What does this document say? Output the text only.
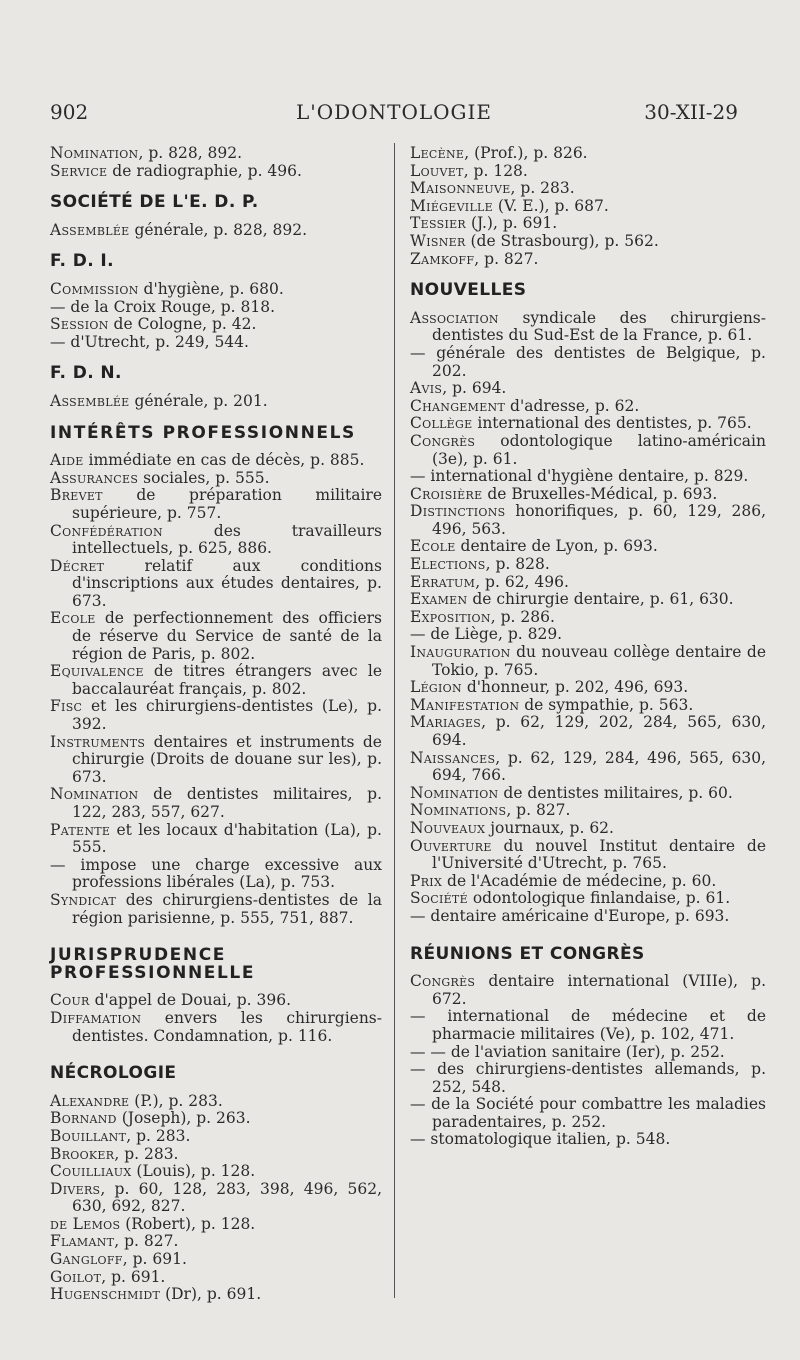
902	L'ODONTOLOGIE	30-XII-29
Nomination, p. 828, 892.
Service de radiographie, p. 496.
SOCIÉTÉ DE L'E. D. P.
Assemblée générale, p. 828, 892.
F. D. I.
Commission d'hygiène, p. 680.
— de la Croix Rouge, p. 818.
Session de Cologne, p. 42.
— d'Utrecht, p. 249, 544.
F. D. N.
Assemblée générale, p. 201.
INTÉRÊTS PROFESSIONNELS
Aide immédiate en cas de décès, p. 885.
Assurances sociales, p. 555.
Brevet de préparation militaire supérieure, p. 757.
Confédération des travailleurs intellectuels, p. 625, 886.
Décret relatif aux conditions d'inscriptions aux études dentaires, p. 673.
Ecole de perfectionnement des officiers de réserve du Service de santé de la région de Paris, p. 802.
Equivalence de titres étrangers avec le baccalauréat français, p. 802.
Fisc et les chirurgiens-dentistes (Le), p. 392.
Instruments dentaires et instruments de chirurgie (Droits de douane sur les), p. 673.
Nomination de dentistes militaires, p. 122, 283, 557, 627.
Patente et les locaux d'habitation (La), p. 555.
— impose une charge excessive aux professions libérales (La), p. 753.
Syndicat des chirurgiens-dentistes de la région parisienne, p. 555, 751, 887.
JURISPRUDENCE PROFESSIONNELLE
Cour d'appel de Douai, p. 396.
Diffamation envers les chirurgiens-dentistes. Condamnation, p. 116.
NÉCROLOGIE
Alexandre (P.), p. 283.
Bornand (Joseph), p. 263.
Bouillant, p. 283.
Brooker, p. 283.
Couilliaux (Louis), p. 128.
Divers, p. 60, 128, 283, 398, 496, 562, 630, 692, 827.
de Lemos (Robert), p. 128.
Flamant, p. 827.
Gangloff, p. 691.
Goilot, p. 691.
Hugenschmidt (Dr), p. 691.
Lecène, (Prof.), p. 826.
Louvet, p. 128.
Maisonneuve, p. 283.
Miégeville (V. E.), p. 687.
Tessier (J.), p. 691.
Wisner (de Strasbourg), p. 562.
Zamkoff, p. 827.
NOUVELLES
Association syndicale des chirurgiens-dentistes du Sud-Est de la France, p. 61.
— générale des dentistes de Belgique, p. 202.
Avis, p. 694.
Changement d'adresse, p. 62.
Collège international des dentistes, p. 765.
Congrès odontologique latino-américain (3e), p. 61.
— international d'hygiène dentaire, p. 829.
Croisière de Bruxelles-Médical, p. 693.
Distinctions honorifiques, p. 60, 129, 286, 496, 563.
Ecole dentaire de Lyon, p. 693.
Elections, p. 828.
Erratum, p. 62, 496.
Examen de chirurgie dentaire, p. 61, 630.
Exposition, p. 286.
— de Liège, p. 829.
Inauguration du nouveau collège dentaire de Tokio, p. 765.
Légion d'honneur, p. 202, 496, 693.
Manifestation de sympathie, p. 563.
Mariages, p. 62, 129, 202, 284, 565, 630, 694.
Naissances, p. 62, 129, 284, 496, 565, 630, 694, 766.
Nomination de dentistes militaires, p. 60.
Nominations, p. 827.
Nouveaux journaux, p. 62.
Ouverture du nouvel Institut dentaire de l'Université d'Utrecht, p. 765.
Prix de l'Académie de médecine, p. 60.
Société odontologique finlandaise, p. 61.
— dentaire américaine d'Europe, p. 693.
RÉUNIONS ET CONGRÈS
Congrès dentaire international (VIIIe), p. 672.
— international de médecine et de pharmacie militaires (Ve), p. 102, 471.
— — de l'aviation sanitaire (Ier), p. 252.
— des chirurgiens-dentistes allemands, p. 252, 548.
— de la Société pour combattre les maladies paradentaires, p. 252.
— stomatologique italien, p. 548.
